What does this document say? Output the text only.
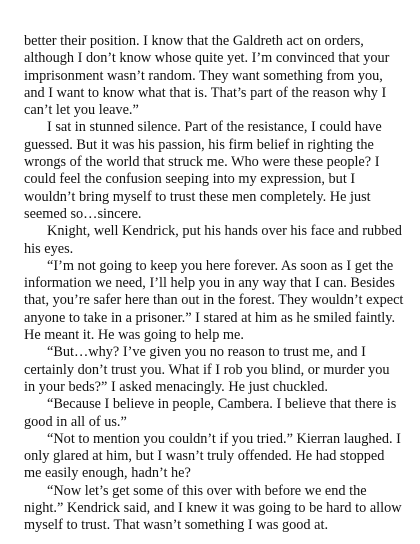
better their position. I know that the Galdreth act on orders, although I don’t know whose quite yet. I’m convinced that your imprisonment wasn’t random. They want something from you, and I want to know what that is. That’s part of the reason why I can’t let you leave.”

I sat in stunned silence. Part of the resistance, I could have guessed. But it was his passion, his firm belief in righting the wrongs of the world that struck me. Who were these people? I could feel the confusion seeping into my expression, but I wouldn’t bring myself to trust these men completely. He just seemed so…sincere.

Knight, well Kendrick, put his hands over his face and rubbed his eyes.

“I’m not going to keep you here forever. As soon as I get the information we need, I’ll help you in any way that I can. Besides that, you’re safer here than out in the forest. They wouldn’t expect anyone to take in a prisoner.” I stared at him as he smiled faintly. He meant it. He was going to help me.

“But…why? I’ve given you no reason to trust me, and I certainly don’t trust you. What if I rob you blind, or murder you in your beds?” I asked menacingly. He just chuckled.

“Because I believe in people, Cambera. I believe that there is good in all of us.”

“Not to mention you couldn’t if you tried.” Kierran laughed. I only glared at him, but I wasn’t truly offended. He had stopped me easily enough, hadn’t he?

“Now let’s get some of this over with before we end the night.” Kendrick said, and I knew it was going to be hard to allow myself to trust. That wasn’t something I was good at.
